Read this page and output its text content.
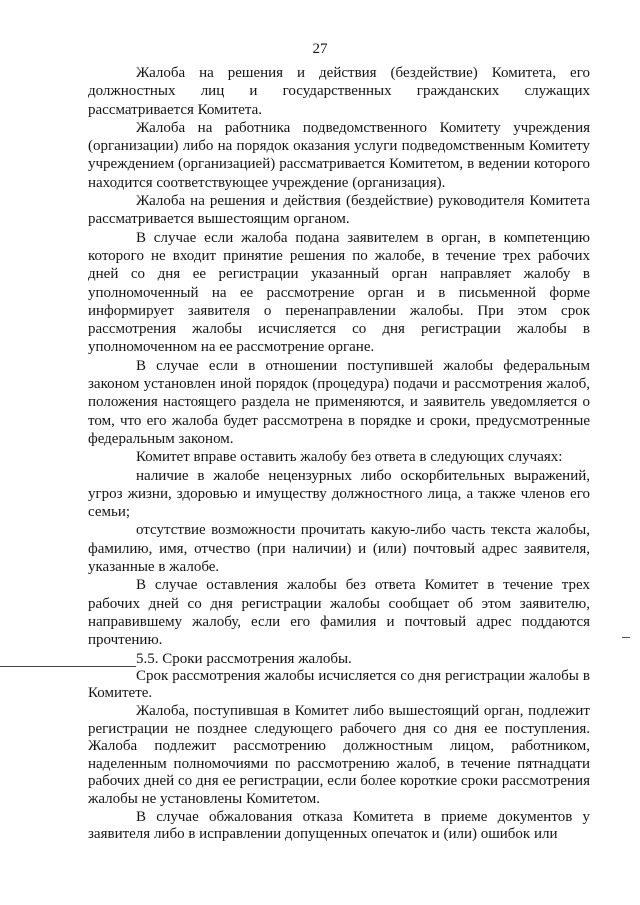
27

Жалоба на решения и действия (бездействие) Комитета, его должностных лиц и государственных гражданских служащих рассматривается Комитета.

Жалоба на работника подведомственного Комитету учреждения (организации) либо на порядок оказания услуги подведомственным Комитету учреждением (организацией) рассматривается Комитетом, в ведении которого находится соответствующее учреждение (организация).

Жалоба на решения и действия (бездействие) руководителя Комитета рассматривается вышестоящим органом.

В случае если жалоба подана заявителем в орган, в компетенцию которого не входит принятие решения по жалобе, в течение трех рабочих дней со дня ее регистрации указанный орган направляет жалобу в уполномоченный на ее рассмотрение орган и в письменной форме информирует заявителя о перенаправлении жалобы. При этом срок рассмотрения жалобы исчисляется со дня регистрации жалобы в уполномоченном на ее рассмотрение органе.

В случае если в отношении поступившей жалобы федеральным законом установлен иной порядок (процедура) подачи и рассмотрения жалоб, положения настоящего раздела не применяются, и заявитель уведомляется о том, что его жалоба будет рассмотрена в порядке и сроки, предусмотренные федеральным законом.

Комитет вправе оставить жалобу без ответа в следующих случаях:

наличие в жалобе нецензурных либо оскорбительных выражений, угроз жизни, здоровью и имуществу должностного лица, а также членов его семьи;

отсутствие возможности прочитать какую-либо часть текста жалобы, фамилию, имя, отчество (при наличии) и (или) почтовый адрес заявителя, указанные в жалобе.

В случае оставления жалобы без ответа Комитет в течение трех рабочих дней со дня регистрации жалобы сообщает об этом заявителю, направившему жалобу, если его фамилия и почтовый адрес поддаются прочтению.

5.5. Сроки рассмотрения жалобы.

Срок рассмотрения жалобы исчисляется со дня регистрации жалобы в Комитете.

Жалоба, поступившая в Комитет либо вышестоящий орган, подлежит регистрации не позднее следующего рабочего дня со дня ее поступления. Жалоба подлежит рассмотрению должностным лицом, работником, наделенным полномочиями по рассмотрению жалоб, в течение пятнадцати рабочих дней со дня ее регистрации, если более короткие сроки рассмотрения жалобы не установлены Комитетом.

В случае обжалования отказа Комитета в приеме документов у заявителя либо в исправлении допущенных опечаток и (или) ошибок или
